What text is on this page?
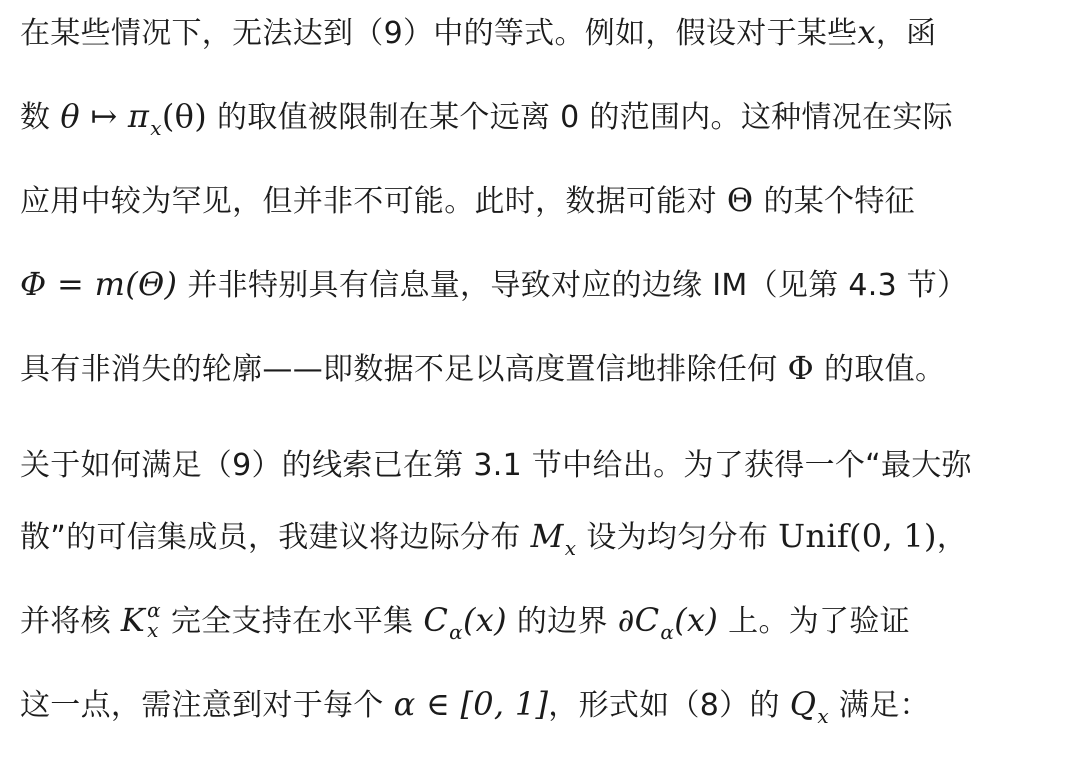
在某些情况下，无法达到（9）中的等式。例如，假设对于某些x，函
数 θ ↦ $\pi_x(\theta)$ 的取值被限制在某个远离 0 的范围内。这种情况在实际
应用中较为罕见，但并非不可能。此时，数据可能对 Θ 的某个特征
Φ = m(Θ) 并非特别具有信息量，导致对应的边缘 IM（见第 4.3 节）
具有非消失的轮廓——即数据不足以高度置信地排除任何 Φ 的取值。
关于如何满足（9）的线索已在第 3.1 节中给出。为了获得一个“最大弥
散”的可信集成员，我建议将边际分布 $M_x$ 设为均匀分布 Unif(0, 1)，
并将核 K α
x 完全支持在水平集 $C_\alpha(x)$ 的边界 $\partial C_\alpha(x)$ 上。为了验证
这一点，需注意到对于每个 α ∈ [0, 1]，形式如（8）的 $Q_x$ 满足：
